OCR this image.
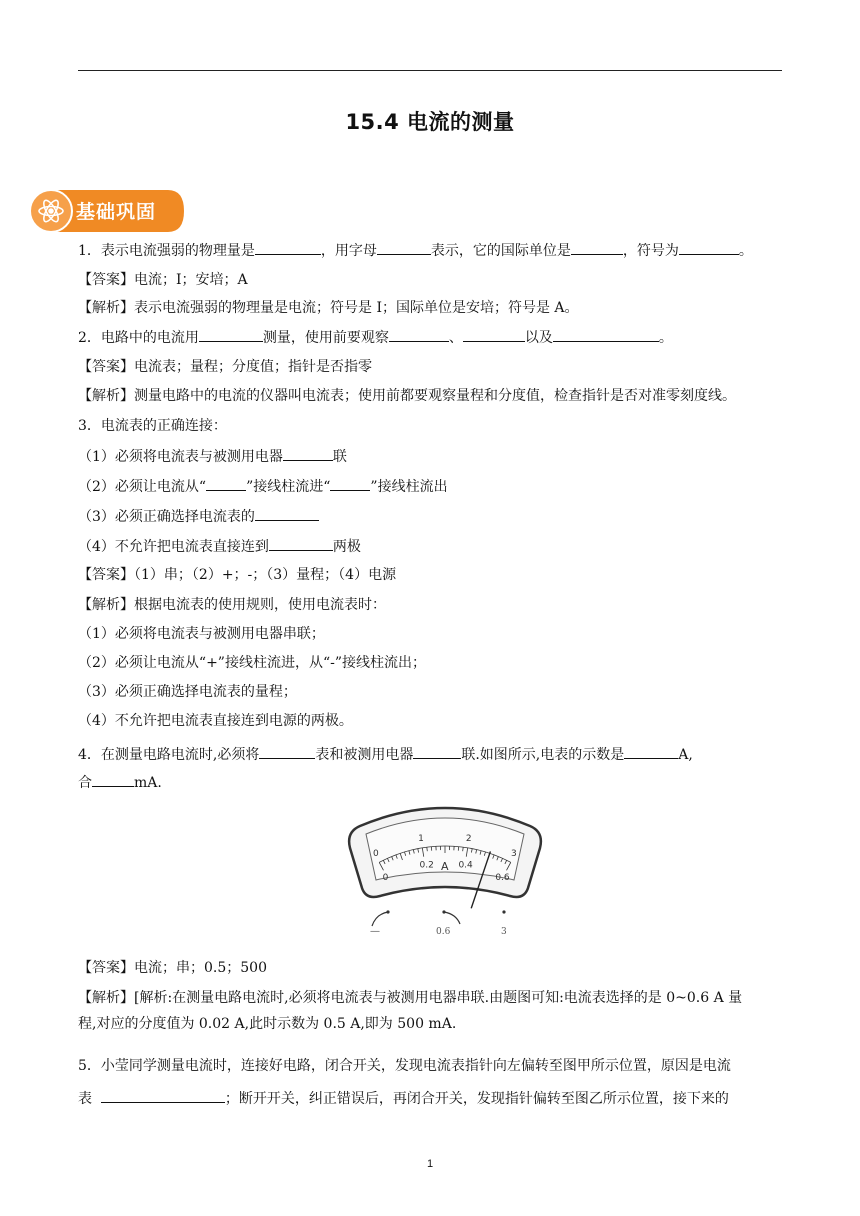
15.4 电流的测量
基础巩固
1．表示电流强弱的物理量是	，用字母	表示，它的国际单位是	，符号为	。
【答案】电流；I；安培；A
【解析】表示电流强弱的物理量是电流；符号是 I；国际单位是安培；符号是 A。
2．电路中的电流用	测量，使用前要观察	、	以及	。
【答案】电流表；量程；分度值；指针是否指零
【解析】测量电路中的电流的仪器叫电流表；使用前都要观察量程和分度值，检查指针是否对准零刻度线。
3．电流表的正确连接：
（1）必须将电流表与被测用电器	联
（2）必须让电流从“	”接线柱流进“	”接线柱流出
（3）必须正确选择电流表的
（4）不允许把电流表直接连到	两极
【答案】（1）串；（2）+；-；（3）量程；（4）电源
【解析】根据电流表的使用规则，使用电流表时：
（1）必须将电流表与被测用电器串联；
（2）必须让电流从“+”接线柱流进，从“-”接线柱流出；
（3）必须正确选择电流表的量程；
（4）不允许把电流表直接连到电源的两极。
4．在测量电路电流时,必须将	表和被测用电器	联.如图所示,电表的示数是	A,
合	mA.
0
1	2
3
0
0.2	0.4
0.6
A
—	0.6	3
【答案】电流；串；0.5；500
【解析】[解析:在测量电路电流时,必须将电流表与被测用电器串联.由题图可知:电流表选择的是 0~0.6 A 量
程,对应的分度值为 0.02 A,此时示数为 0.5 A,即为 500 mA.
5．小莹同学测量电流时，连接好电路，闭合开关，发现电流表指针向左偏转至图甲所示位置，原因是电流
表	；断开开关，纠正错误后，再闭合开关，发现指针偏转至图乙所示位置，接下来的
1
